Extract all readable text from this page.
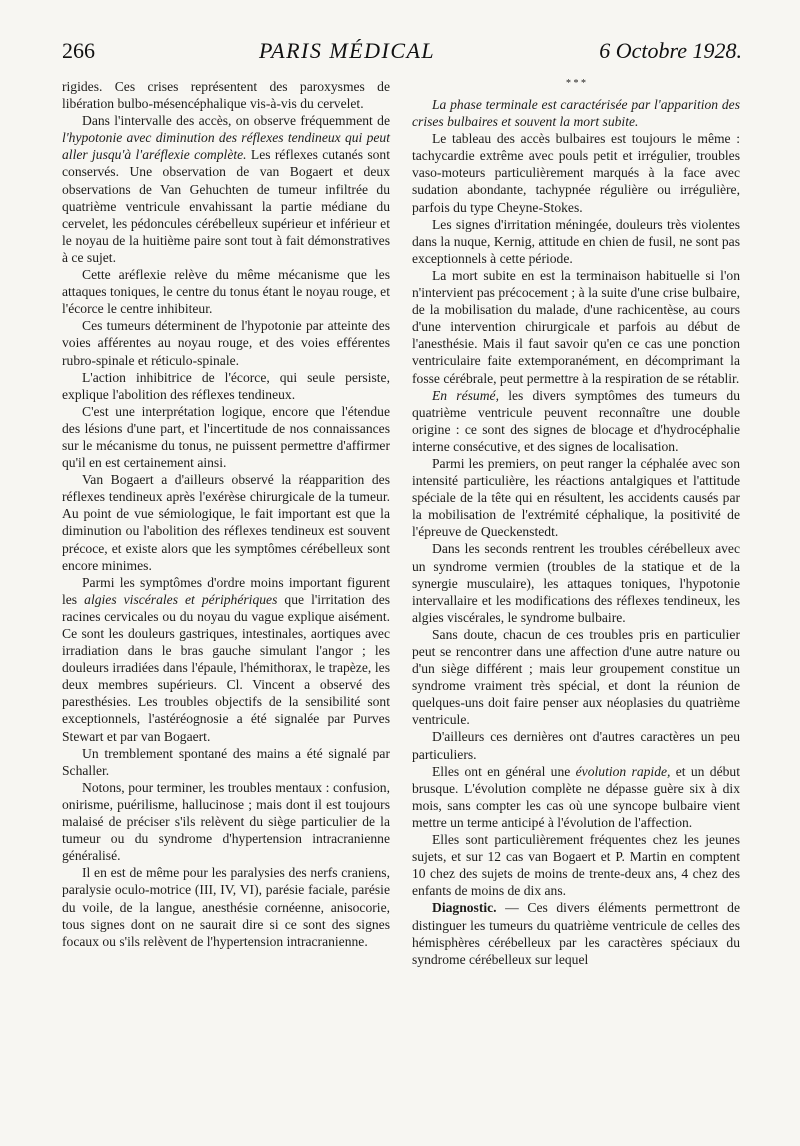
266	PARIS MÉDICAL	6 Octobre 1928.

rigides. Ces crises représentent des paroxysmes de libération bulbo-mésencéphalique vis-à-vis du cervelet.

Dans l'intervalle des accès, on observe fréquemment de l'hypotonie avec diminution des réflexes tendineux qui peut aller jusqu'à l'aréflexie complète. Les réflexes cutanés sont conservés. Une observation de van Bogaert et deux observations de Van Gehuchten de tumeur infiltrée du quatrième ventricule envahissant la partie médiane du cervelet, les pédoncules cérébelleux supérieur et inférieur et le noyau de la huitième paire sont tout à fait démonstratives à ce sujet.

Cette aréflexie relève du même mécanisme que les attaques toniques, le centre du tonus étant le noyau rouge, et l'écorce le centre inhibiteur.

Ces tumeurs déterminent de l'hypotonie par atteinte des voies afférentes au noyau rouge, et des voies efférentes rubro-spinale et réticulo-spinale.

L'action inhibitrice de l'écorce, qui seule persiste, explique l'abolition des réflexes tendineux.

C'est une interprétation logique, encore que l'étendue des lésions d'une part, et l'incertitude de nos connaissances sur le mécanisme du tonus, ne puissent permettre d'affirmer qu'il en est certainement ainsi.

Van Bogaert a d'ailleurs observé la réapparition des réflexes tendineux après l'exérèse chirurgicale de la tumeur. Au point de vue sémiologique, le fait important est que la diminution ou l'abolition des réflexes tendineux est souvent précoce, et existe alors que les symptômes cérébelleux sont encore minimes.

Parmi les symptômes d'ordre moins important figurent les algies viscérales et périphériques que l'irritation des racines cervicales ou du noyau du vague explique aisément. Ce sont les douleurs gastriques, intestinales, aortiques avec irradiation dans le bras gauche simulant l'angor ; les douleurs irradiées dans l'épaule, l'hémithorax, le trapèze, les deux membres supérieurs. Cl. Vincent a observé des paresthésies. Les troubles objectifs de la sensibilité sont exceptionnels, l'astéréognosie a été signalée par Purves Stewart et par van Bogaert.

Un tremblement spontané des mains a été signalé par Schaller.

Notons, pour terminer, les troubles mentaux : confusion, onirisme, puérilisme, hallucinose ; mais dont il est toujours malaisé de préciser s'ils relèvent du siège particulier de la tumeur ou du syndrome d'hypertension intracranienne généralisé.

Il en est de même pour les paralysies des nerfs craniens, paralysie oculo-motrice (III, IV, VI), parésie faciale, parésie du voile, de la langue, anesthésie cornéenne, anisocorie, tous signes dont on ne saurait dire si ce sont des signes focaux ou s'ils relèvent de l'hypertension intracranienne.

* * *

La phase terminale est caractérisée par l'apparition des crises bulbaires et souvent la mort subite.

Le tableau des accès bulbaires est toujours le même : tachycardie extrême avec pouls petit et irrégulier, troubles vaso-moteurs particulièrement marqués à la face avec sudation abondante, tachypnée régulière ou irrégulière, parfois du type Cheyne-Stokes.

Les signes d'irritation méningée, douleurs très violentes dans la nuque, Kernig, attitude en chien de fusil, ne sont pas exceptionnels à cette période.

La mort subite en est la terminaison habituelle si l'on n'intervient pas précocement ; à la suite d'une crise bulbaire, de la mobilisation du malade, d'une rachicentèse, au cours d'une intervention chirurgicale et parfois au début de l'anesthésie. Mais il faut savoir qu'en ce cas une ponction ventriculaire faite extemporanément, en décomprimant la fosse cérébrale, peut permettre à la respiration de se rétablir.

En résumé, les divers symptômes des tumeurs du quatrième ventricule peuvent reconnaître une double origine : ce sont des signes de blocage et d'hydrocéphalie interne consécutive, et des signes de localisation.

Parmi les premiers, on peut ranger la céphalée avec son intensité particulière, les réactions antalgiques et l'attitude spéciale de la tête qui en résultent, les accidents causés par la mobilisation de l'extrémité céphalique, la positivité de l'épreuve de Queckenstedt.

Dans les seconds rentrent les troubles cérébelleux avec un syndrome vermien (troubles de la statique et de la synergie musculaire), les attaques toniques, l'hypotonie intervallaire et les modifications des réflexes tendineux, les algies viscérales, le syndrome bulbaire.

Sans doute, chacun de ces troubles pris en particulier peut se rencontrer dans une affection d'une autre nature ou d'un siège différent ; mais leur groupement constitue un syndrome vraiment très spécial, et dont la réunion de quelques-uns doit faire penser aux néoplasies du quatrième ventricule.

D'ailleurs ces dernières ont d'autres caractères un peu particuliers.

Elles ont en général une évolution rapide, et un début brusque. L'évolution complète ne dépasse guère six à dix mois, sans compter les cas où une syncope bulbaire vient mettre un terme anticipé à l'évolution de l'affection.

Elles sont particulièrement fréquentes chez les jeunes sujets, et sur 12 cas van Bogaert et P. Martin en comptent 10 chez des sujets de moins de trente-deux ans, 4 chez des enfants de moins de dix ans.

Diagnostic. — Ces divers éléments permettront de distinguer les tumeurs du quatrième ventricule de celles des hémisphères cérébelleux par les caractères spéciaux du syndrome cérébelleux sur lequel
